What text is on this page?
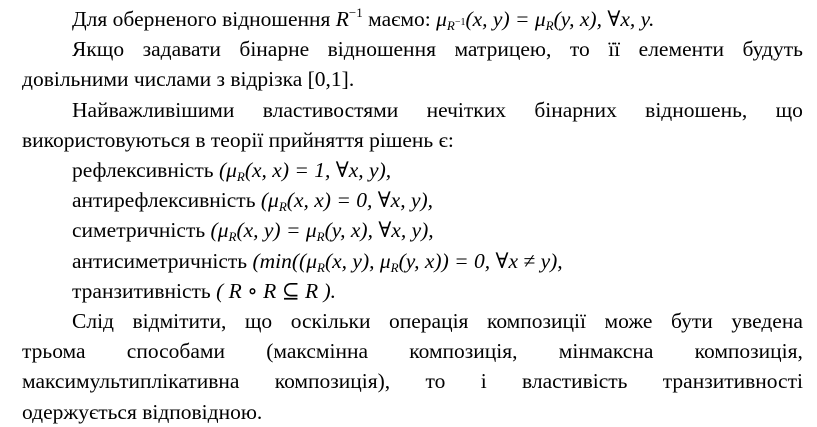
Для оберненого відношення $R^{-1}$ маємо: $\mu_{R^{-1}}(x$, $y) = \mu_R(y$, x), ∀x, y.
Якщо задавати бінарне відношення матрицею, то її елементи будуть
довільними числами з відрізка [0,1].
Найважливішими властивостями нечітких бінарних відношень, що
використовуються в теорії прийняття рішень є:
рефлексивність ($\mu_R(x$, x) = 1, ∀x, y),
антирефлексивність ($\mu_R(x$, x) = 0, ∀x, y),
симетричність ($\mu_R(x$, $y) = \mu_R(y$, x), ∀x, y),
антисиметричність ($\min((\mu_R(x$, y), $\mu_R(y$, x)) = 0, ∀x ≠ y),
транзитивність ( R ∘ R ⊆ R ).
Слід відмітити, що оскільки операція композиції може бути уведена
трьома способами (максмінна композиція, мінмаксна композиція,
максимультиплікативна композиція), то і властивість транзитивності
одержується відповідною.
